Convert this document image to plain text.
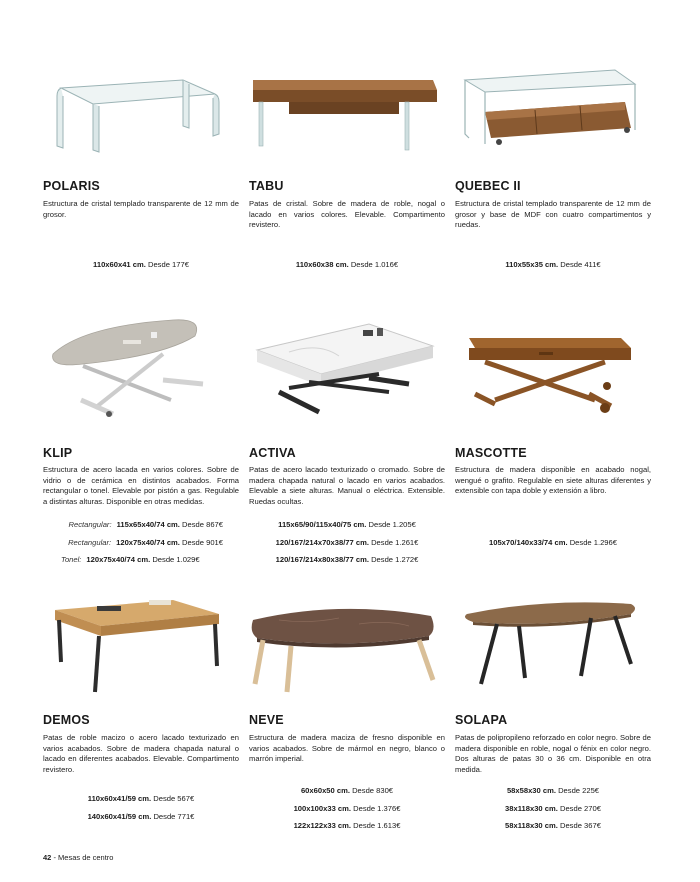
POLARIS

Estructura de cristal templado transparente de 12 mm de grosor.

110x60x41 cm. Desde 177€
TABU

Patas de cristal. Sobre de madera de roble, nogal o lacado en varios colores. Elevable. Compartimento revistero.

110x60x38 cm. Desde 1.016€
QUEBEC II

Estructura de cristal templado transparente de 12 mm de grosor y base de MDF con cuatro compartimentos y ruedas.

110x55x35 cm. Desde 411€
KLIP

Estructura de acero lacada en varios colores. Sobre de vidrio o de cerámica en distintos acabados. Forma rectangular o tonel. Elevable por pistón a gas. Regulable a distintas alturas. Disponible en otras medidas.

Rectangular: 115x65x40/74 cm. Desde 867€
Rectangular: 120x75x40/74 cm. Desde 901€
Tonel: 120x75x40/74 cm. Desde 1.029€
ACTIVA

Patas de acero lacado texturizado o cromado. Sobre de madera chapada natural o lacado en varios acabados. Elevable a siete alturas. Manual o eléctrica. Extensible. Ruedas ocultas.

115x65/90/115x40/75 cm. Desde 1.205€
120/167/214x70x38/77 cm. Desde 1.261€
120/167/214x80x38/77 cm. Desde 1.272€
MASCOTTE

Estructura de madera disponible en acabado nogal, wengué o grafito. Regulable en siete alturas diferentes y extensible con tapa doble y extensión a libro.

105x70/140x33/74 cm. Desde 1.296€
DEMOS

Patas de roble macizo o acero lacado texturizado en varios acabados. Sobre de madera chapada natural o lacado en diferentes acabados. Elevable. Compartimento revistero.

110x60x41/59 cm. Desde 567€
140x60x41/59 cm. Desde 771€
NEVE

Estructura de madera maciza de fresno disponible en varios acabados. Sobre de mármol en negro, blanco o marrón imperial.

60x60x50 cm. Desde 830€
100x100x33 cm. Desde 1.376€
122x122x33 cm. Desde 1.613€
SOLAPA

Patas de polipropileno reforzado en color negro. Sobre de madera disponible en roble, nogal o fénix en color negro. Dos alturas de patas 30 o 36 cm. Disponible en otra medida.

58x58x30 cm. Desde 225€
38x118x30 cm. Desde 270€
58x118x30 cm. Desde 367€
42 - Mesas de centro
